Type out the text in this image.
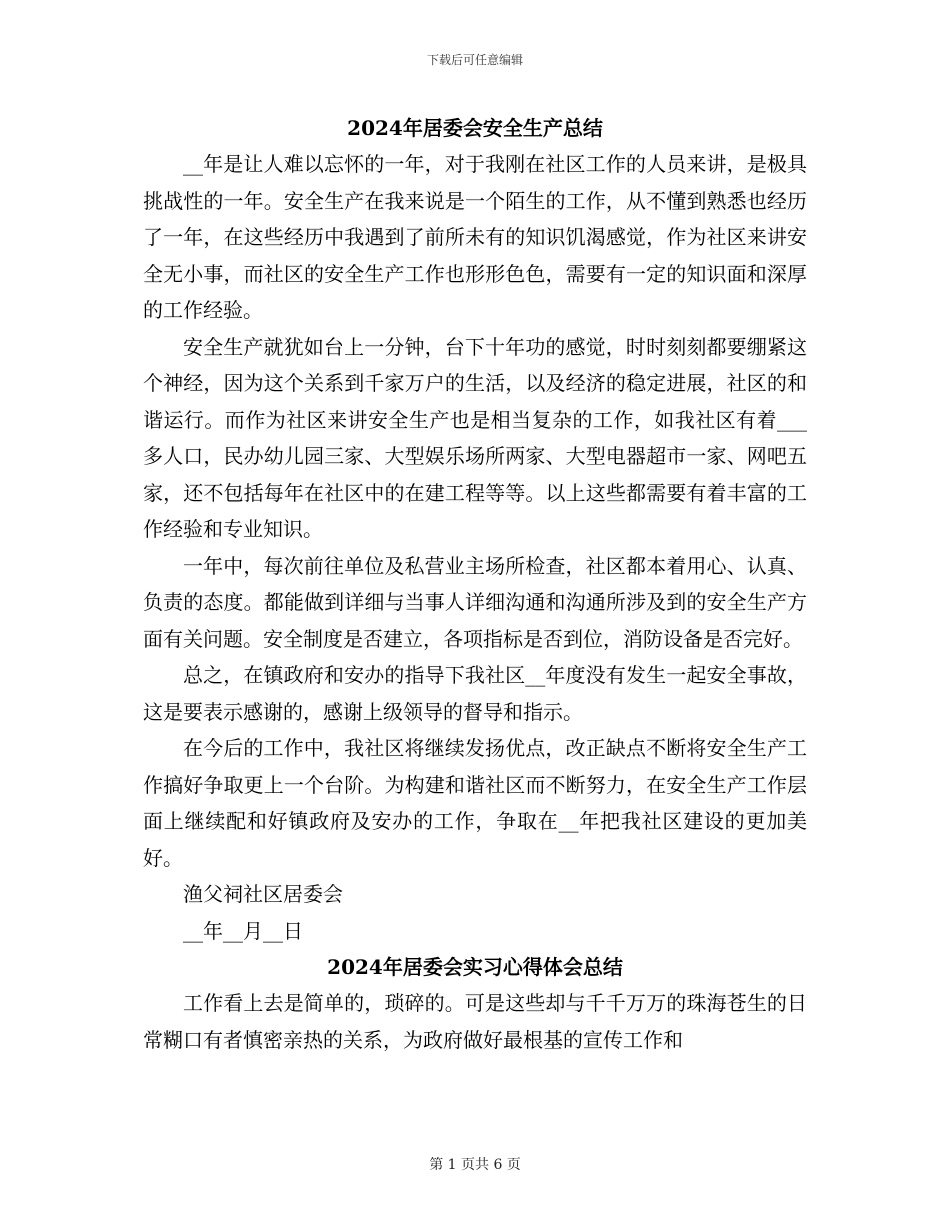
下载后可任意编辑
2024年居委会安全生产总结

__年是让人难以忘怀的一年，对于我刚在社区工作的人员来讲，是极具挑战性的一年。安全生产在我来说是一个陌生的工作，从不懂到熟悉也经历了一年，在这些经历中我遇到了前所未有的知识饥渴感觉，作为社区来讲安全无小事，而社区的安全生产工作也形形色色，需要有一定的知识面和深厚的工作经验。

安全生产就犹如台上一分钟，台下十年功的感觉，时时刻刻都要绷紧这个神经，因为这个关系到千家万户的生活，以及经济的稳定进展，社区的和谐运行。而作为社区来讲安全生产也是相当复杂的工作，如我社区有着___多人口，民办幼儿园三家、大型娱乐场所两家、大型电器超市一家、网吧五家，还不包括每年在社区中的在建工程等等。以上这些都需要有着丰富的工作经验和专业知识。

一年中，每次前往单位及私营业主场所检查，社区都本着用心、认真、负责的态度。都能做到详细与当事人详细沟通和沟通所涉及到的安全生产方面有关问题。安全制度是否建立，各项指标是否到位，消防设备是否完好。

总之，在镇政府和安办的指导下我社区__年度没有发生一起安全事故，这是要表示感谢的，感谢上级领导的督导和指示。

在今后的工作中，我社区将继续发扬优点，改正缺点不断将安全生产工作搞好争取更上一个台阶。为构建和谐社区而不断努力，在安全生产工作层面上继续配和好镇政府及安办的工作，争取在__年把我社区建设的更加美好。

渔父祠社区居委会

__年__月__日

2024年居委会实习心得体会总结

工作看上去是简单的，琐碎的。可是这些却与千千万万的珠海苍生的日常糊口有者慎密亲热的关系，为政府做好最根基的宣传工作和

第 1 页共 6 页
